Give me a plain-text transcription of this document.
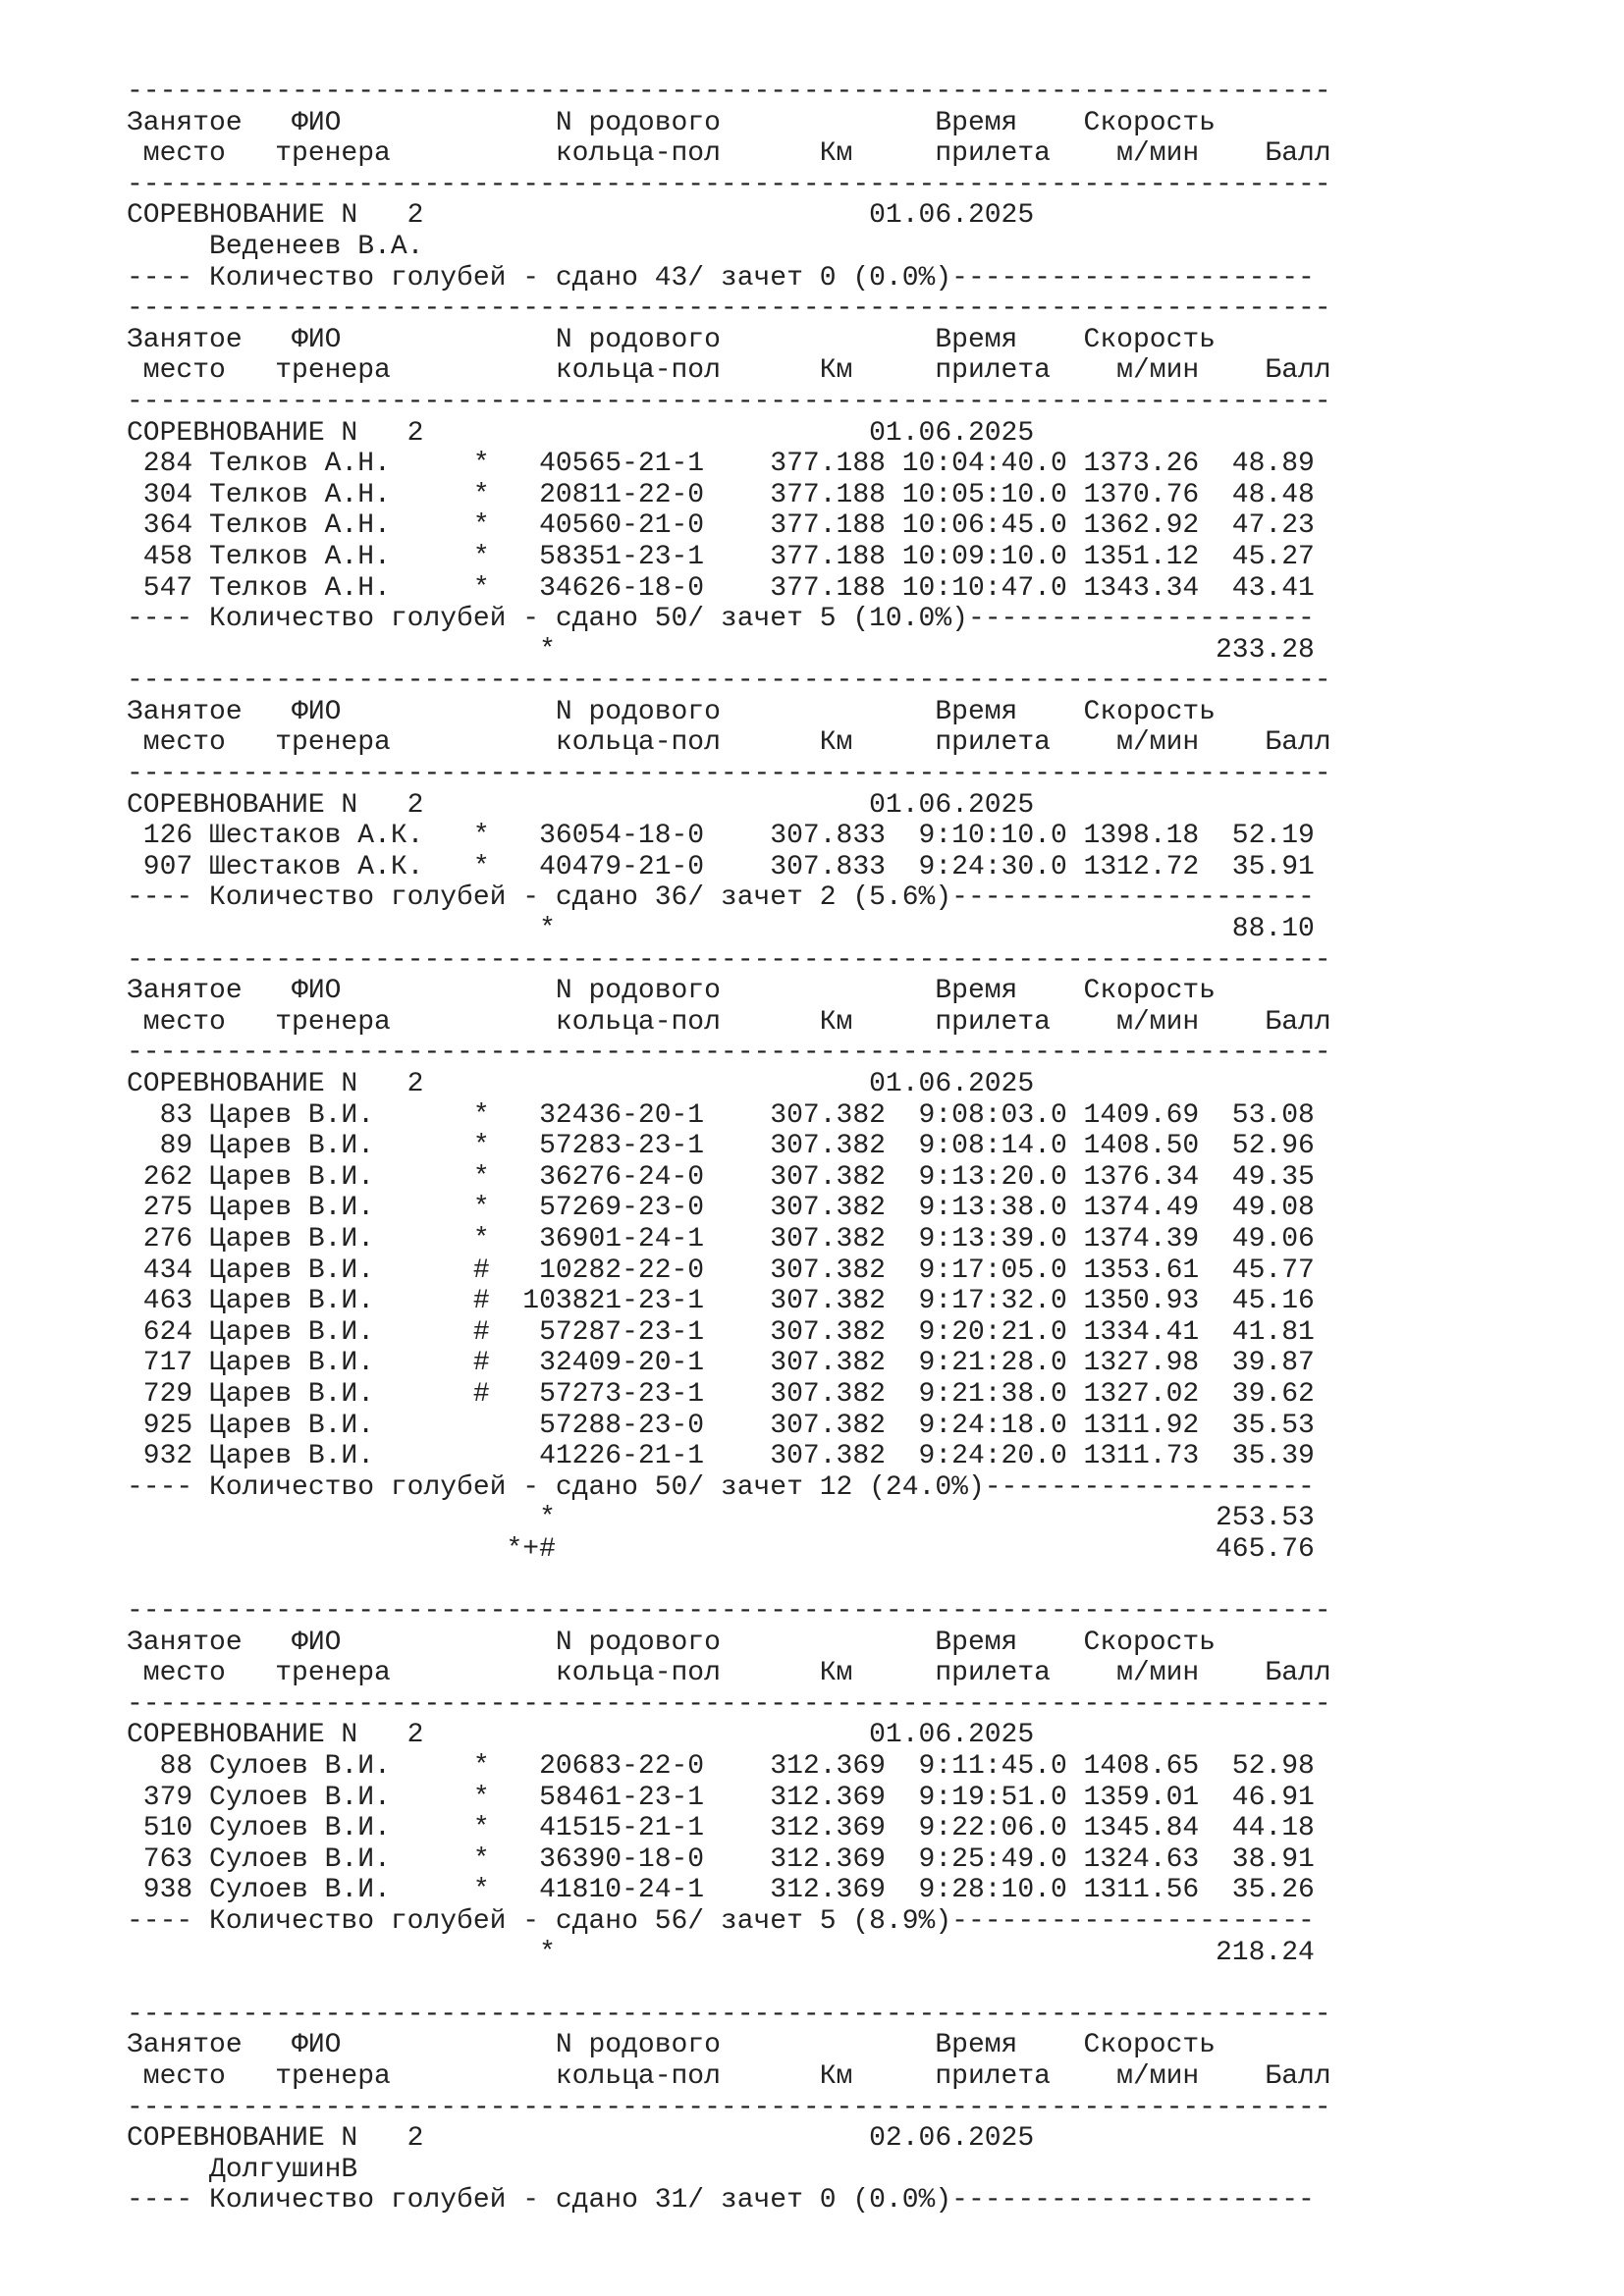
-------------------------------------------------------------------------
Занятое   ФИО             N родового             Время    Скорость
место   тренера          кольца-пол      Км     прилета    м/мин    Балл
-------------------------------------------------------------------------
СОРЕВНОВАНИЕ N   2                           01.06.2025
Веденеев В.А.
---- Количество голубей - сдано 43/ зачет 0 (0.0%)----------------------
-------------------------------------------------------------------------
Занятое   ФИО             N родового             Время    Скорость
место   тренера          кольца-пол      Км     прилета    м/мин    Балл
-------------------------------------------------------------------------
СОРЕВНОВАНИЕ N   2                           01.06.2025
284 Телков А.Н.     *   40565-21-1    377.188 10:04:40.0 1373.26  48.89
304 Телков А.Н.     *   20811-22-0    377.188 10:05:10.0 1370.76  48.48
364 Телков А.Н.     *   40560-21-0    377.188 10:06:45.0 1362.92  47.23
458 Телков А.Н.     *   58351-23-1    377.188 10:09:10.0 1351.12  45.27
547 Телков А.Н.     *   34626-18-0    377.188 10:10:47.0 1343.34  43.41
---- Количество голубей - сдано 50/ зачет 5 (10.0%)---------------------
*                                        233.28
-------------------------------------------------------------------------
Занятое   ФИО             N родового             Время    Скорость
место   тренера          кольца-пол      Км     прилета    м/мин    Балл
-------------------------------------------------------------------------
СОРЕВНОВАНИЕ N   2                           01.06.2025
126 Шестаков А.К.   *   36054-18-0    307.833  9:10:10.0 1398.18  52.19
907 Шестаков А.К.   *   40479-21-0    307.833  9:24:30.0 1312.72  35.91
---- Количество голубей - сдано 36/ зачет 2 (5.6%)----------------------
*                                         88.10
-------------------------------------------------------------------------
Занятое   ФИО             N родового             Время    Скорость
место   тренера          кольца-пол      Км     прилета    м/мин    Балл
-------------------------------------------------------------------------
СОРЕВНОВАНИЕ N   2                           01.06.2025
83 Царев В.И.      *   32436-20-1    307.382  9:08:03.0 1409.69  53.08
89 Царев В.И.      *   57283-23-1    307.382  9:08:14.0 1408.50  52.96
262 Царев В.И.      *   36276-24-0    307.382  9:13:20.0 1376.34  49.35
275 Царев В.И.      *   57269-23-0    307.382  9:13:38.0 1374.49  49.08
276 Царев В.И.      *   36901-24-1    307.382  9:13:39.0 1374.39  49.06
434 Царев В.И.      #   10282-22-0    307.382  9:17:05.0 1353.61  45.77
463 Царев В.И.      #  103821-23-1    307.382  9:17:32.0 1350.93  45.16
624 Царев В.И.      #   57287-23-1    307.382  9:20:21.0 1334.41  41.81
717 Царев В.И.      #   32409-20-1    307.382  9:21:28.0 1327.98  39.87
729 Царев В.И.      #   57273-23-1    307.382  9:21:38.0 1327.02  39.62
925 Царев В.И.          57288-23-0    307.382  9:24:18.0 1311.92  35.53
932 Царев В.И.          41226-21-1    307.382  9:24:20.0 1311.73  35.39
---- Количество голубей - сдано 50/ зачет 12 (24.0%)--------------------
*                                        253.53
*+#                                        465.76
-------------------------------------------------------------------------
Занятое   ФИО             N родового             Время    Скорость
место   тренера          кольца-пол      Км     прилета    м/мин    Балл
-------------------------------------------------------------------------
СОРЕВНОВАНИЕ N   2                           01.06.2025
88 Сулоев В.И.     *   20683-22-0    312.369  9:11:45.0 1408.65  52.98
379 Сулоев В.И.     *   58461-23-1    312.369  9:19:51.0 1359.01  46.91
510 Сулоев В.И.     *   41515-21-1    312.369  9:22:06.0 1345.84  44.18
763 Сулоев В.И.     *   36390-18-0    312.369  9:25:49.0 1324.63  38.91
938 Сулоев В.И.     *   41810-24-1    312.369  9:28:10.0 1311.56  35.26
---- Количество голубей - сдано 56/ зачет 5 (8.9%)----------------------
*                                        218.24
-------------------------------------------------------------------------
Занятое   ФИО             N родового             Время    Скорость
место   тренера          кольца-пол      Км     прилета    м/мин    Балл
-------------------------------------------------------------------------
СОРЕВНОВАНИЕ N   2                           02.06.2025
ДолгушинВ
---- Количество голубей - сдано 31/ зачет 0 (0.0%)----------------------
